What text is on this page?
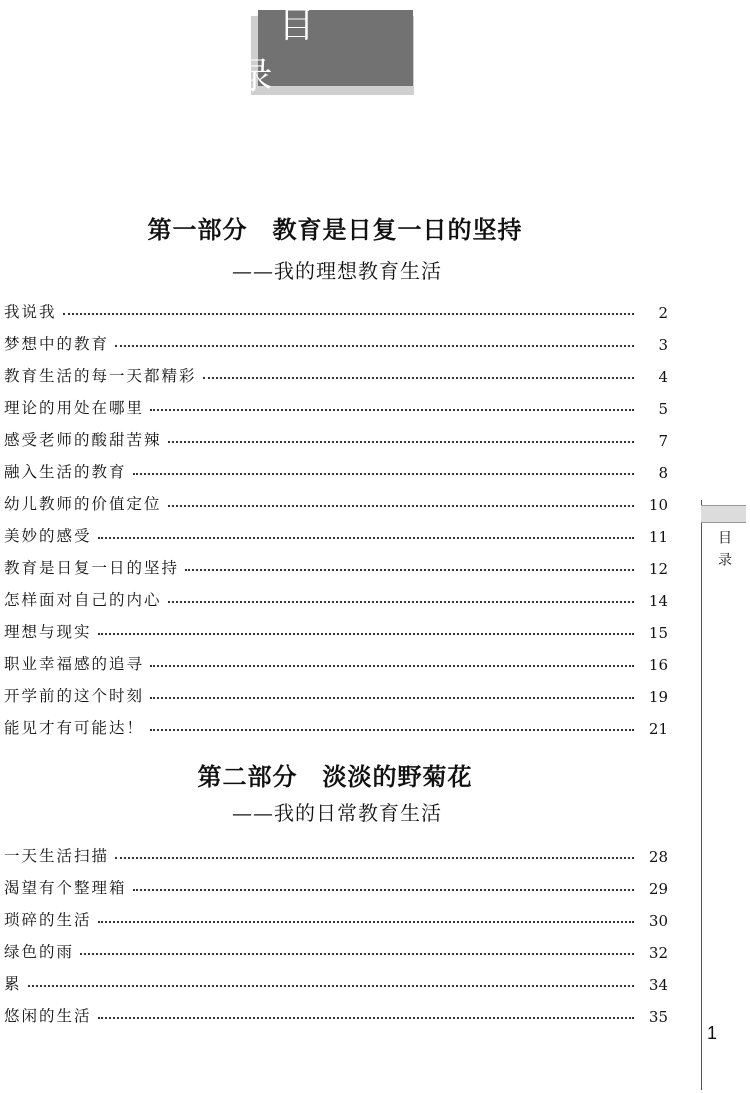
目　录
第一部分　教育是日复一日的坚持
——我的理想教育生活
我说我	2
梦想中的教育	3
教育生活的每一天都精彩	4
理论的用处在哪里	5
感受老师的酸甜苦辣	7
融入生活的教育	8
幼儿教师的价值定位	10
美妙的感受	11
教育是日复一日的坚持	12
怎样面对自己的内心	14
理想与现实	15
职业幸福感的追寻	16
开学前的这个时刻	19
能见才有可能达！	21
第二部分　淡淡的野菊花
——我的日常教育生活
一天生活扫描	28
渴望有个整理箱	29
琐碎的生活	30
绿色的雨	32
累	34
悠闲的生活	35
目录
1
